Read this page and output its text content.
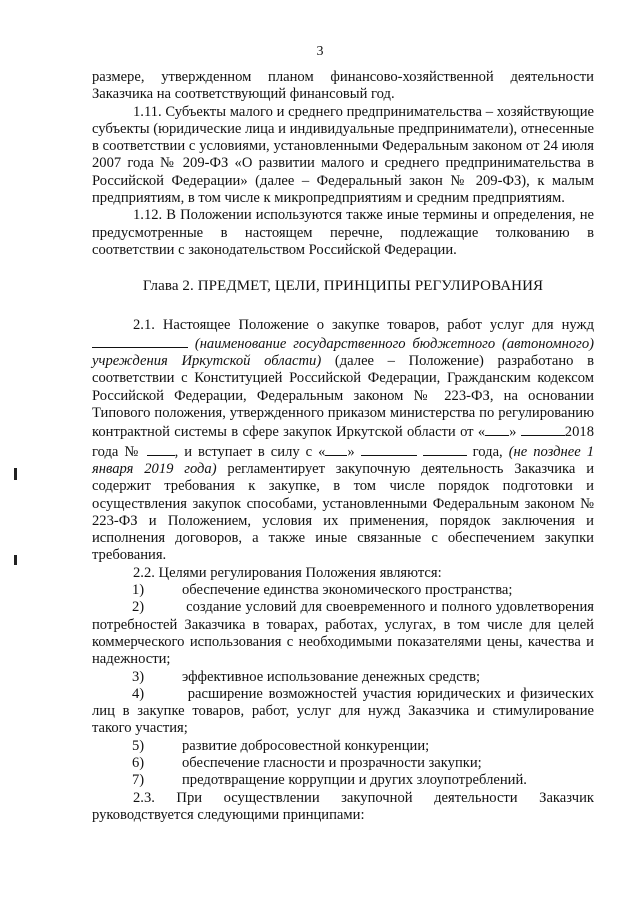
3

размере, утвержденном планом финансово-хозяйственной деятельности Заказчика на соответствующий финансовый год.

1.11. Субъекты малого и среднего предпринимательства – хозяйствующие субъекты (юридические лица и индивидуальные предприниматели), отнесенные в соответствии с условиями, установленными Федеральным законом от 24 июля 2007 года № 209-ФЗ «О развитии малого и среднего предпринимательства в Российской Федерации» (далее – Федеральный закон № 209-ФЗ), к малым предприятиям, в том числе к микропредприятиям и средним предприятиям.

1.12. В Положении используются также иные термины и определения, не предусмотренные в настоящем перечне, подлежащие толкованию в соответствии с законодательством Российской Федерации.

Глава 2. ПРЕДМЕТ, ЦЕЛИ, ПРИНЦИПЫ РЕГУЛИРОВАНИЯ

2.1. Настоящее Положение о закупке товаров, работ услуг для нужд  (наименование государственного бюджетного (автономного) учреждения Иркутской области) (далее – Положение) разработано в соответствии с Конституцией Российской Федерации, Гражданским кодексом Российской Федерации, Федеральным законом № 223-ФЗ, на основании Типового положения, утвержденного приказом министерства по регулированию контрактной системы в сфере закупок Иркутской области от « »	2018 года № , и вступает в силу с « »	года, (не позднее 1 января 2019 года) регламентирует закупочную деятельность Заказчика и содержит требования к закупке, в том числе порядок подготовки и осуществления закупок способами, установленными Федеральным законом № 223-ФЗ и Положением, условия их применения, порядок заключения и исполнения договоров, а также иные связанные с обеспечением закупки требования.

2.2. Целями регулирования Положения являются:

1)	обеспечение единства экономического пространства;

2)	создание условий для своевременного и полного удовлетворения потребностей Заказчика в товарах, работах, услугах, в том числе для целей коммерческого использования с необходимыми показателями цены, качества и надежности;

3)	эффективное использование денежных средств;

4)	расширение возможностей участия юридических и физических лиц в закупке товаров, работ, услуг для нужд Заказчика и стимулирование такого участия;

5)	развитие добросовестной конкуренции;
6)	обеспечение гласности и прозрачности закупки;
7)	предотвращение коррупции и других злоупотреблений.

2.3. При осуществлении закупочной деятельности Заказчик руководствуется следующими принципами:
